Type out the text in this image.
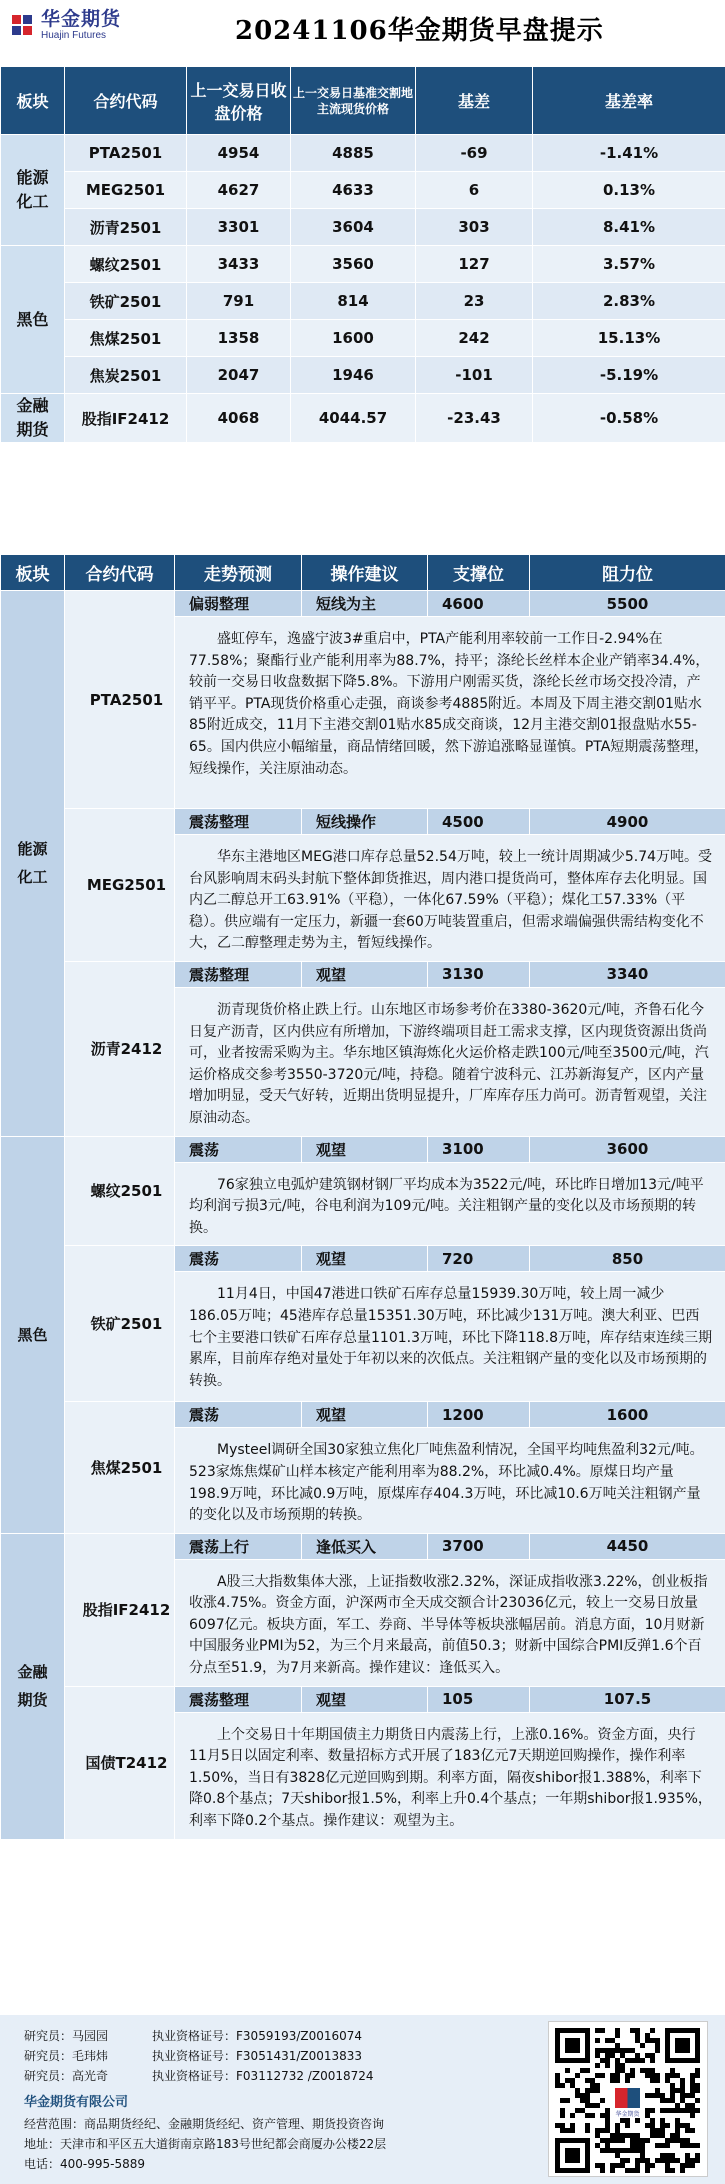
华金期货
Huajin Futures	20241106华金期货早盘提示
板块	合约代码	上一交易日收盘价格	上一交易日基准交割地主流现货价格	基差	基差率
能源化工	PTA2501	4954	4885	-69	-1.41%
	MEG2501	4627	4633	6	0.13%
	沥青2501	3301	3604	303	8.41%
黑色	螺纹2501	3433	3560	127	3.57%
	铁矿2501	791	814	23	2.83%
	焦煤2501	1358	1600	242	15.13%
	焦炭2501	2047	1946	-101	-5.19%
金融期货	股指IF2412	4068	4044.57	-23.43	-0.58%
板块	合约代码	走势预测	操作建议	支撑位	阻力位
能源化工	PTA2501	偏弱整理	短线为主	4600	5500
		盛虹停车，逸盛宁波3#重启中，PTA产能利用率较前一工作日-2.94%在77.58%；聚酯行业产能利用率为88.7%，持平；涤纶长丝样本企业产销率34.4%，较前一交易日收盘数据下降5.8%。下游用户刚需买货，涤纶长丝市场交投冷清，产销平平。PTA现货价格重心走强，商谈参考4885附近。本周及下周主港交割01贴水85附近成交，11月下主港交割01贴水85成交商谈，12月主港交割01报盘贴水55-65。国内供应小幅缩量，商品情绪回暖，然下游追涨略显谨慎。PTA短期震荡整理，短线操作，关注原油动态。			
	MEG2501	震荡整理	短线操作	4500	4900
		华东主港地区MEG港口库存总量52.54万吨，较上一统计周期减少5.74万吨。受台风影响周末码头封航下整体卸货推迟，周内港口提货尚可，整体库存去化明显。国内乙二醇总开工63.91%（平稳），一体化67.59%（平稳）；煤化工57.33%（平稳）。供应端有一定压力，新疆一套60万吨装置重启，但需求端偏强供需结构变化不大，乙二醇整理走势为主，暂短线操作。			
	沥青2412	震荡整理	观望	3130	3340
		沥青现货价格止跌上行。山东地区市场参考价在3380-3620元/吨，齐鲁石化今日复产沥青，区内供应有所增加，下游终端项目赶工需求支撑，区内现货资源出货尚可，业者按需采购为主。华东地区镇海炼化火运价格走跌100元/吨至3500元/吨，汽运价格成交参考3550-3720元/吨，持稳。随着宁波科元、江苏新海复产，区内产量增加明显，受天气好转，近期出货明显提升，厂库库存压力尚可。沥青暂观望，关注原油动态。			
黑色	螺纹2501	震荡	观望	3100	3600
		76家独立电弧炉建筑钢材钢厂平均成本为3522元/吨，环比昨日增加13元/吨平均利润亏损3元/吨，谷电利润为109元/吨。关注粗钢产量的变化以及市场预期的转换。			
	铁矿2501	震荡	观望	720	850
		11月4日，中国47港进口铁矿石库存总量15939.30万吨，较上周一减少186.05万吨；45港库存总量15351.30万吨，环比减少131万吨。澳大利亚、巴西七个主要港口铁矿石库存总量1101.3万吨，环比下降118.8万吨，库存结束连续三期累库，目前库存绝对量处于年初以来的次低点。关注粗钢产量的变化以及市场预期的转换。			
	焦煤2501	震荡	观望	1200	1600
		Mysteel调研全国30家独立焦化厂吨焦盈利情况，全国平均吨焦盈利32元/吨。523家炼焦煤矿山样本核定产能利用率为88.2%，环比减0.4%。原煤日均产量198.9万吨，环比减0.9万吨，原煤库存404.3万吨，环比减10.6万吨关注粗钢产量的变化以及市场预期的转换。			
金融期货	股指IF2412	震荡上行	逢低买入	3700	4450
		A股三大指数集体大涨，上证指数收涨2.32%，深证成指收涨3.22%，创业板指收涨4.75%。资金方面，沪深两市全天成交额合计23036亿元，较上一交易日放量6097亿元。板块方面，军工、券商、半导体等板块涨幅居前。消息方面，10月财新中国服务业PMI为52，为三个月来最高，前值50.3；财新中国综合PMI反弹1.6个百分点至51.9，为7月来新高。操作建议：逢低买入。			
	国债T2412	震荡整理	观望	105	107.5
		上个交易日十年期国债主力期货日内震荡上行，上涨0.16%。资金方面，央行11月5日以固定利率、数量招标方式开展了183亿元7天期逆回购操作，操作利率1.50%，当日有3828亿元逆回购到期。利率方面，隔夜shibor报1.388%，利率下降0.8个基点；7天shibor报1.5%，利率上升0.4个基点；一年期shibor报1.935%，利率下降0.2个基点。操作建议：观望为主。			
研究员：马园园	执业资格证号：F3059193/Z0016074
研究员：毛玮炜	执业资格证号：F3051431/Z0013833
研究员：高光奇	执业资格证号：F03112732 /Z0018724
华金期货有限公司
经营范围：商品期货经纪、金融期货经纪、资产管理、期货投资咨询
地址：天津市和平区五大道街南京路183号世纪都会商厦办公楼22层
电话：400-995-5889
华金期货
